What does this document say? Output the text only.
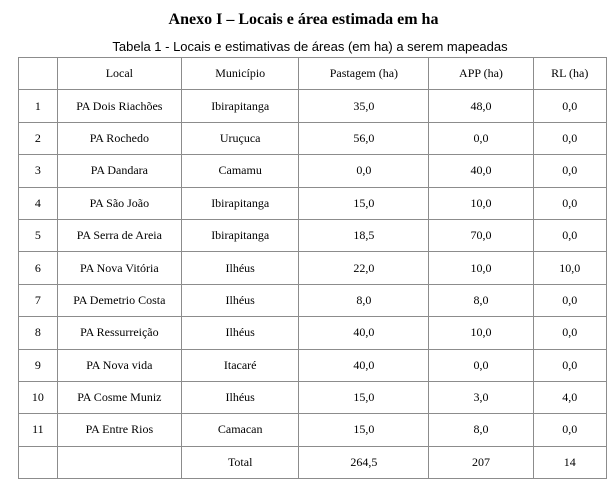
Anexo I – Locais e área estimada em ha
Tabela 1 - Locais e estimativas de áreas (em ha) a serem mapeadas
	Local	Município	Pastagem (ha)	APP (ha)	RL (ha)
1	PA Dois Riachões	Ibirapitanga	35,0	48,0	0,0
2	PA Rochedo	Uruçuca	56,0	0,0	0,0
3	PA Dandara	Camamu	0,0	40,0	0,0
4	PA São João	Ibirapitanga	15,0	10,0	0,0
5	PA Serra de Areia	Ibirapitanga	18,5	70,0	0,0
6	PA Nova Vitória	Ilhéus	22,0	10,0	10,0
7	PA Demetrio Costa	Ilhéus	8,0	8,0	0,0
8	PA Ressurreição	Ilhéus	40,0	10,0	0,0
9	PA Nova vida	Itacaré	40,0	0,0	0,0
10	PA Cosme Muniz	Ilhéus	15,0	3,0	4,0
11	PA Entre Rios	Camacan	15,0	8,0	0,0
		Total	264,5	207	14
